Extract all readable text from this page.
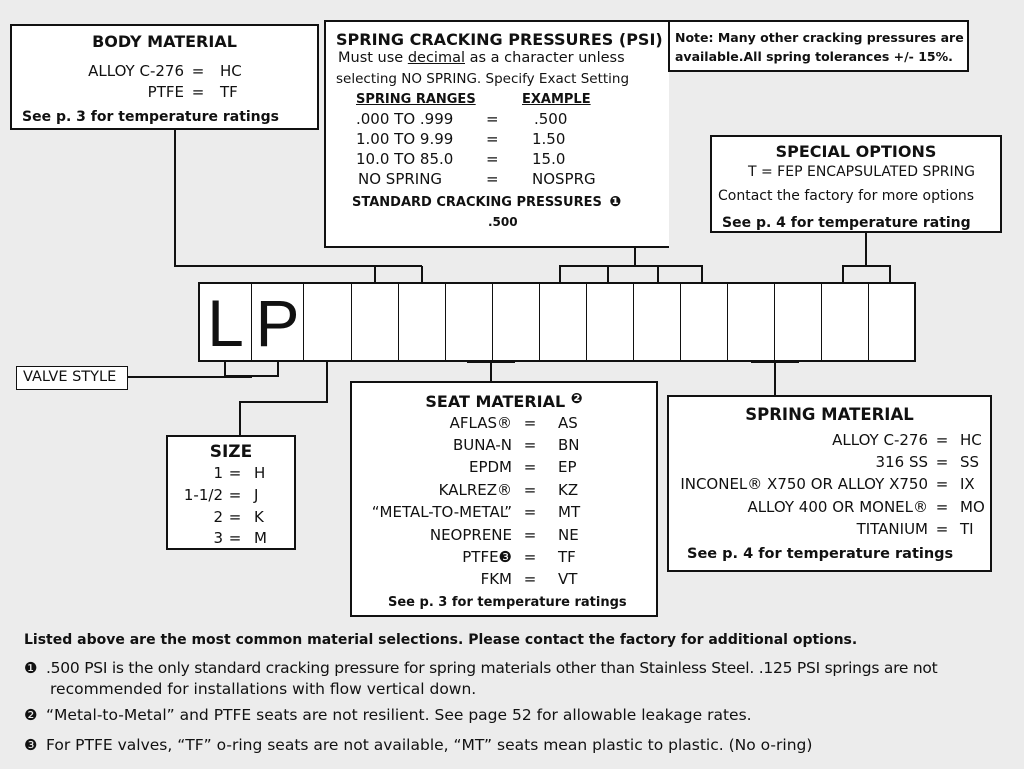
BODY MATERIAL
ALLOY C-276 = HC
PTFE = TF
See p. 3 for temperature ratings
SPRING CRACKING PRESSURES (PSI)
Must use decimal as a character unless
selecting NO SPRING. Specify Exact Setting
SPRING RANGES	EXAMPLE
.000 TO .999 = .500
1.00 TO 9.99 = 1.50
10.0 TO 85.0 = 15.0
NO SPRING	= NOSPRG
STANDARD CRACKING PRESSURES ❶
.500
Note: Many other cracking pressures are
available.All spring tolerances +/- 15%.
SPECIAL OPTIONS
T = FEP ENCAPSULATED SPRING
Contact the factory for more options
See p. 4 for temperature rating
L P
VALVE STYLE
SIZE
1 = H
1-1/2 = J
2 = K
3 = M
SEAT MATERIAL ❷
AFLAS® = AS
BUNA-N = BN
EPDM = EP
KALREZ® = KZ
“METAL-TO-METAL” = MT
NEOPRENE = NE
PTFE❸ = TF
FKM = VT
See p. 3 for temperature ratings
SPRING MATERIAL
ALLOY C-276 = HC
316 SS = SS
INCONEL® X750 OR ALLOY X750 = IX
ALLOY 400 OR MONEL® = MO
TITANIUM = TI
See p. 4 for temperature ratings
Listed above are the most common material selections. Please contact the factory for additional options.
❶ .500 PSI is the only standard cracking pressure for spring materials other than Stainless Steel. .125 PSI springs are not
recommended for installations with flow vertical down.
❷ “Metal-to-Metal” and PTFE seats are not resilient. See page 52 for allowable leakage rates.
❸ For PTFE valves, “TF” o-ring seats are not available, “MT” seats mean plastic to plastic. (No o-ring)
